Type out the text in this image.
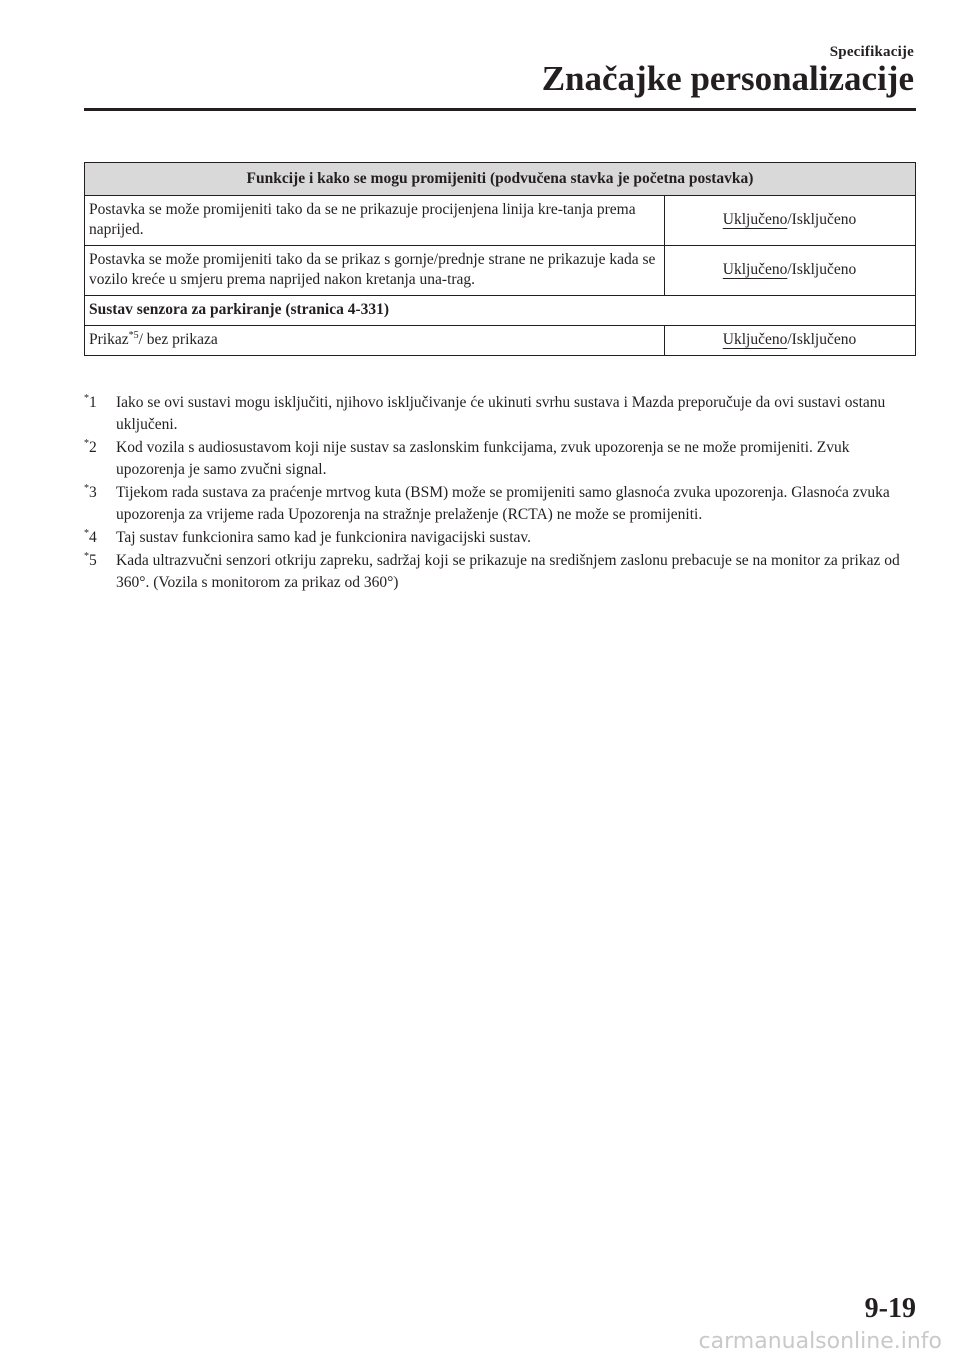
Specifikacije
Značajke personalizacije
Funkcije i kako se mogu promijeniti (podvučena stavka je početna postavka)	
Postavka se može promijeniti tako da se ne prikazuje procijenjena linija kre-tanja prema naprijed.	Uključeno/Isključeno
Postavka se može promijeniti tako da se prikaz s gornje/prednje strane ne prikazuje kada se vozilo kreće u smjeru prema naprijed nakon kretanja una-trag.	Uključeno/Isključeno
Sustav senzora za parkiranje (stranica 4-331)	
Prikaz$^{*5}$/ bez prikaza	Uključeno/Isključeno
*1	Iako se ovi sustavi mogu isključiti, njihovo isključivanje će ukinuti svrhu sustava i Mazda preporučuje da ovi sustavi ostanu uključeni.
*2	Kod vozila s audiosustavom koji nije sustav sa zaslonskim funkcijama, zvuk upozorenja se ne može promijeniti. Zvuk upozorenja je samo zvučni signal.
*3	Tijekom rada sustava za praćenje mrtvog kuta (BSM) može se promijeniti samo glasnoća zvuka upozorenja. Glasnoća zvuka upozorenja za vrijeme rada Upozorenja na stražnje prelaženje (RCTA) ne može se promijeniti.
*4	Taj sustav funkcionira samo kad je funkcionira navigacijski sustav.
*5	Kada ultrazvučni senzori otkriju zapreku, sadržaj koji se prikazuje na središnjem zaslonu prebacuje se na monitor za prikaz od 360°. (Vozila s monitorom za prikaz od 360°)
9-19
carmanualsonline.info
